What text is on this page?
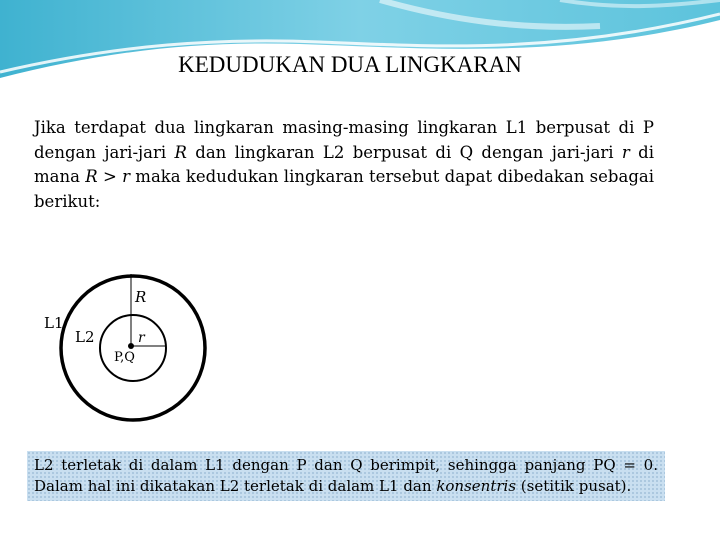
KEDUDUKAN DUA LINGKARAN

Jika terdapat dua lingkaran masing-masing lingkaran L1 berpusat di P dengan jari-jari R dan lingkaran L2 berpusat di Q dengan jari-jari r di mana R > r maka kedudukan lingkaran tersebut dapat dibedakan sebagai berikut:

R
L1
L2	r
P,Q

L2 terletak di dalam L1 dengan P dan Q berimpit, sehingga panjang PQ = 0. Dalam hal ini dikatakan L2 terletak di dalam L1 dan konsentris (setitik pusat).
